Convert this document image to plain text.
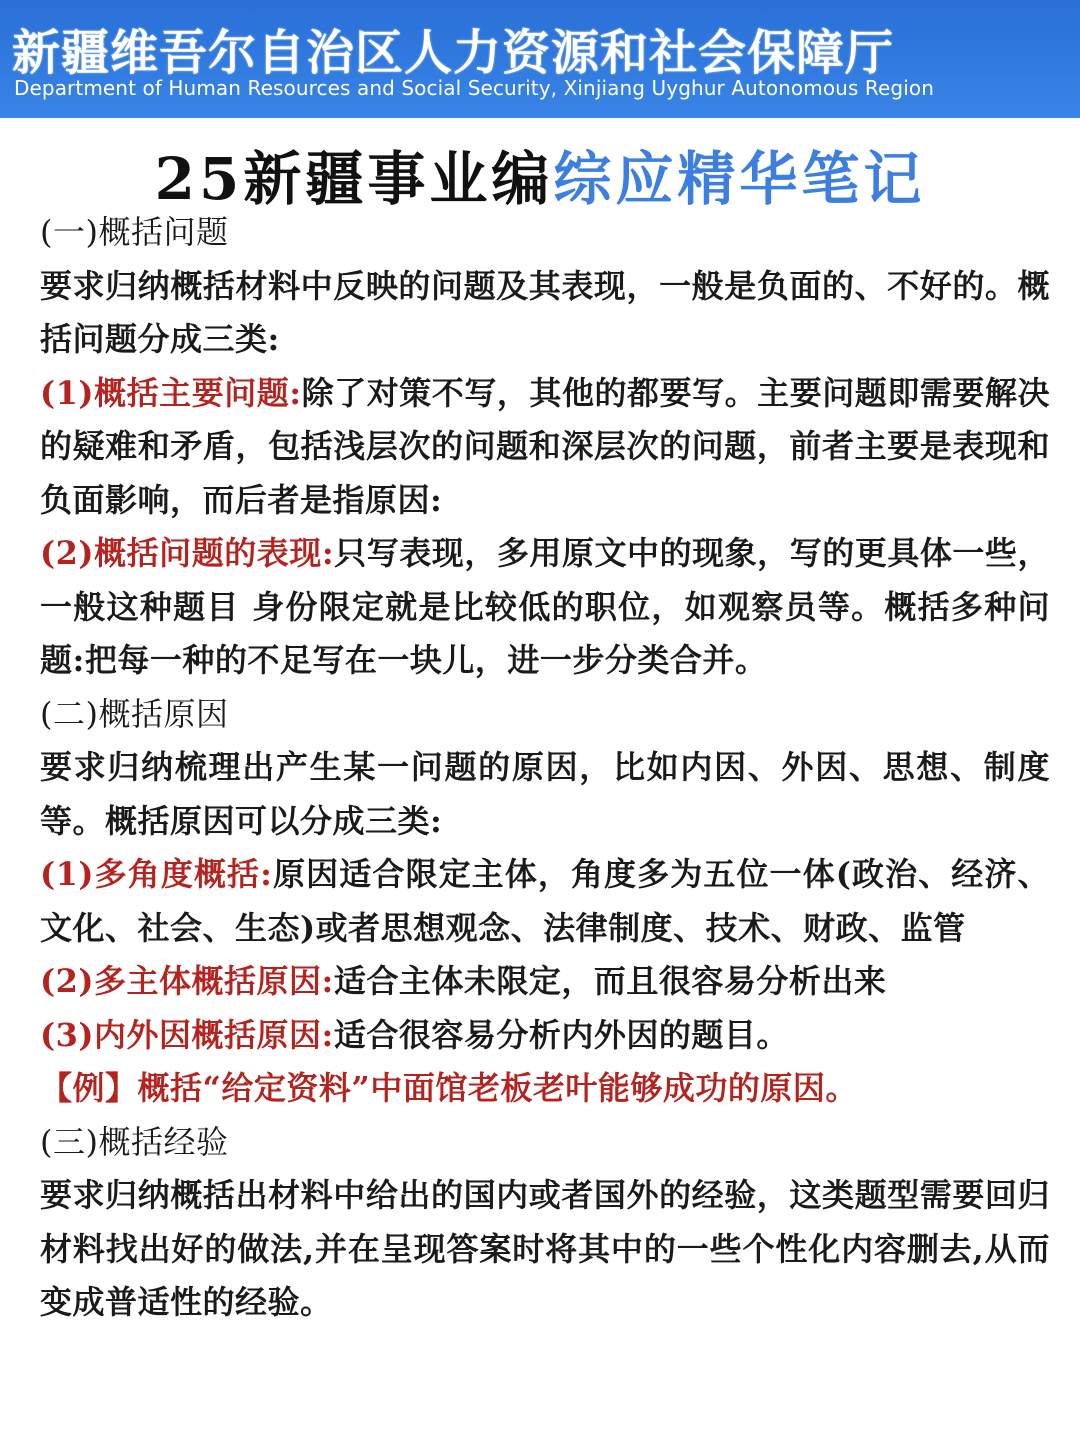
新疆维吾尔自治区人力资源和社会保障厅
Department of Human Resources and Social Security, Xinjiang Uyghur Autonomous Region
25新疆事业编综应精华笔记

(一)概括问题

要求归纳概括材料中反映的问题及其表现，一般是负面的、不好的。概括问题分成三类:

(1)概括主要问题:除了对策不写，其他的都要写。主要问题即需要解决的疑难和矛盾，包括浅层次的问题和深层次的问题，前者主要是表现和负面影响，而后者是指原因:

(2)概括问题的表现:只写表现，多用原文中的现象，写的更具体一些，一般这种题目 身份限定就是比较低的职位，如观察员等。概括多种问题:把每一种的不足写在一块儿，进一步分类合并。

(二)概括原因

要求归纳梳理出产生某一问题的原因，比如内因、外因、思想、制度等。概括原因可以分成三类:

(1)多角度概括:原因适合限定主体，角度多为五位一体(政治、经济、文化、社会、生态)或者思想观念、法律制度、技术、财政、监管

(2)多主体概括原因:适合主体未限定，而且很容易分析出来

(3)内外因概括原因:适合很容易分析内外因的题目。

【例】概括“给定资料”中面馆老板老叶能够成功的原因。

(三)概括经验

要求归纳概括出材料中给出的国内或者国外的经验，这类题型需要回归材料找出好的做法,并在呈现答案时将其中的一些个性化内容删去,从而变成普适性的经验。
